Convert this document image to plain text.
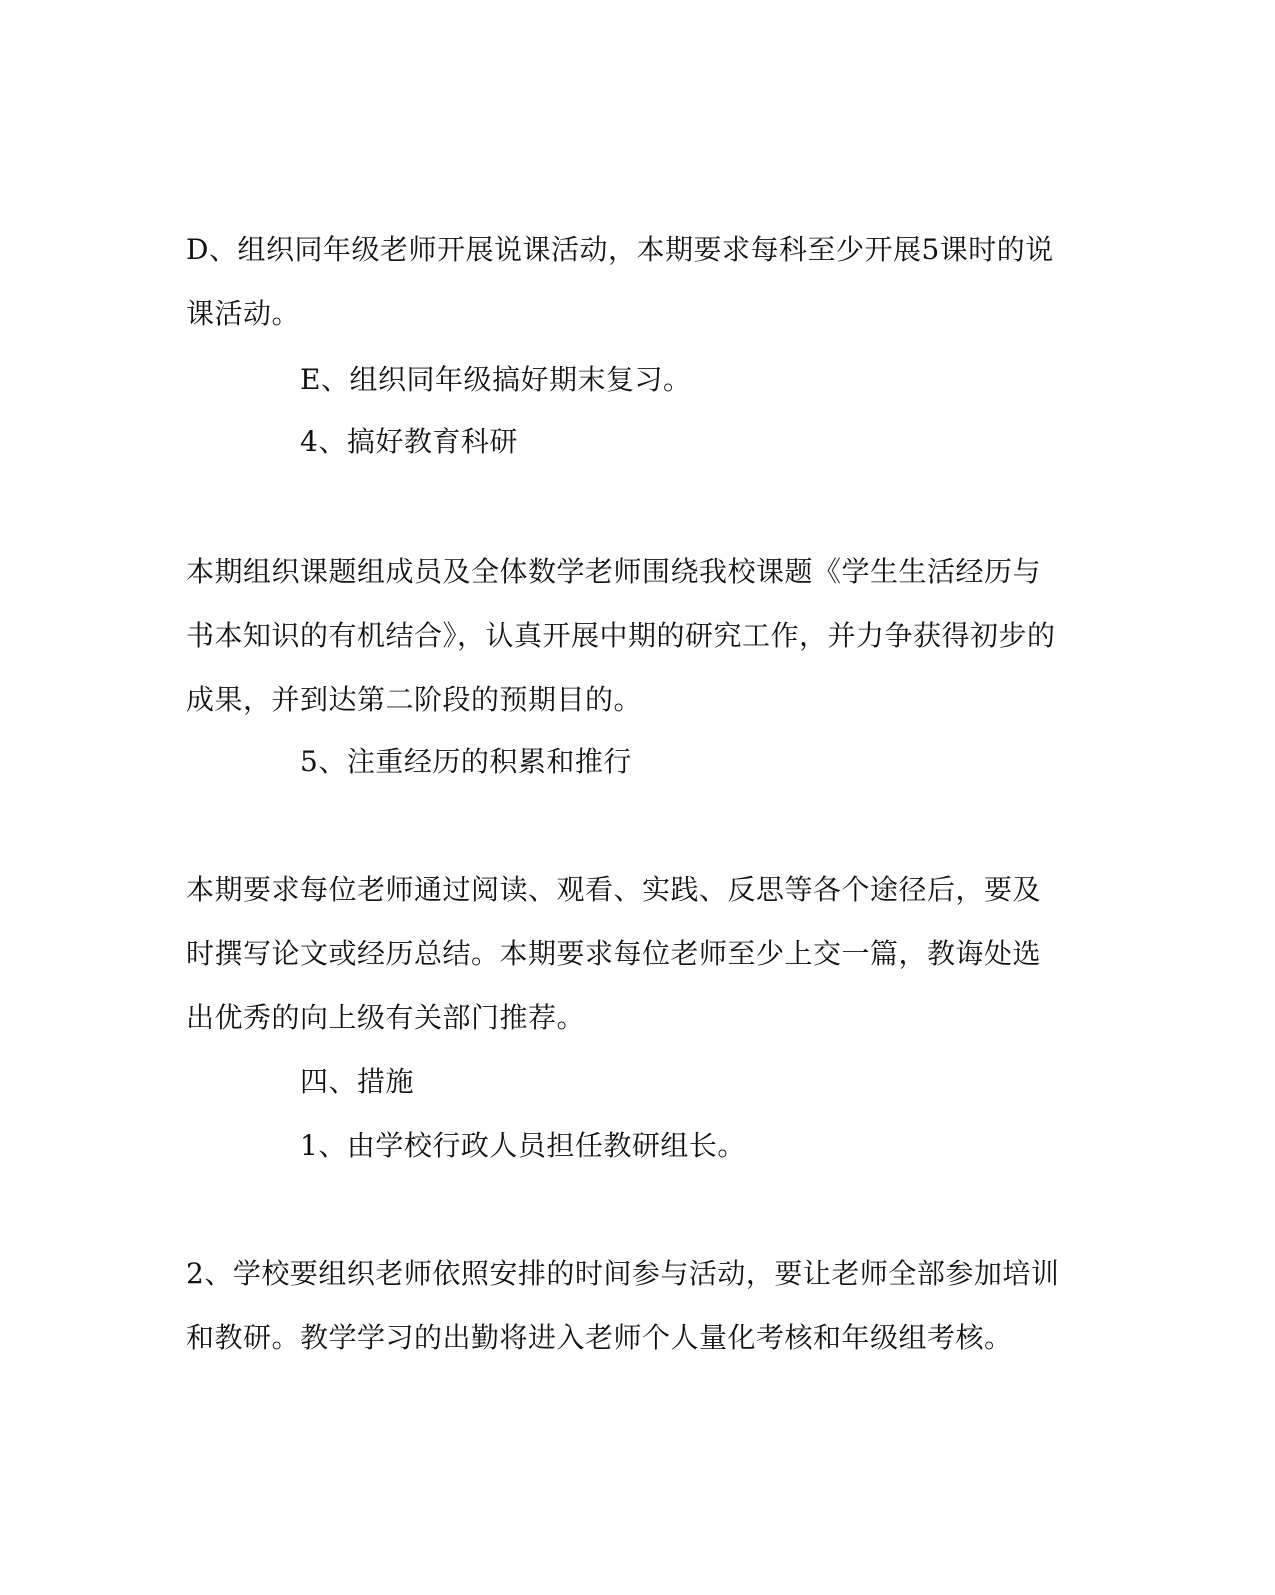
D、组织同年级老师开展说课活动，本期要求每科至少开展5课时的说课活动。

E、组织同年级搞好期末复习。

4、搞好教育科研

本期组织课题组成员及全体数学老师围绕我校课题《学生生活经历与书本知识的有机结合》，认真开展中期的研究工作，并力争获得初步的成果，并到达第二阶段的预期目的。

5、注重经历的积累和推行

本期要求每位老师通过阅读、观看、实践、反思等各个途径后，要及时撰写论文或经历总结。本期要求每位老师至少上交一篇，教诲处选出优秀的向上级有关部门推荐。

四、措施

1、由学校行政人员担任教研组长。

2、学校要组织老师依照安排的时间参与活动，要让老师全部参加培训和教研。教学学习的出勤将进入老师个人量化考核和年级组考核。
